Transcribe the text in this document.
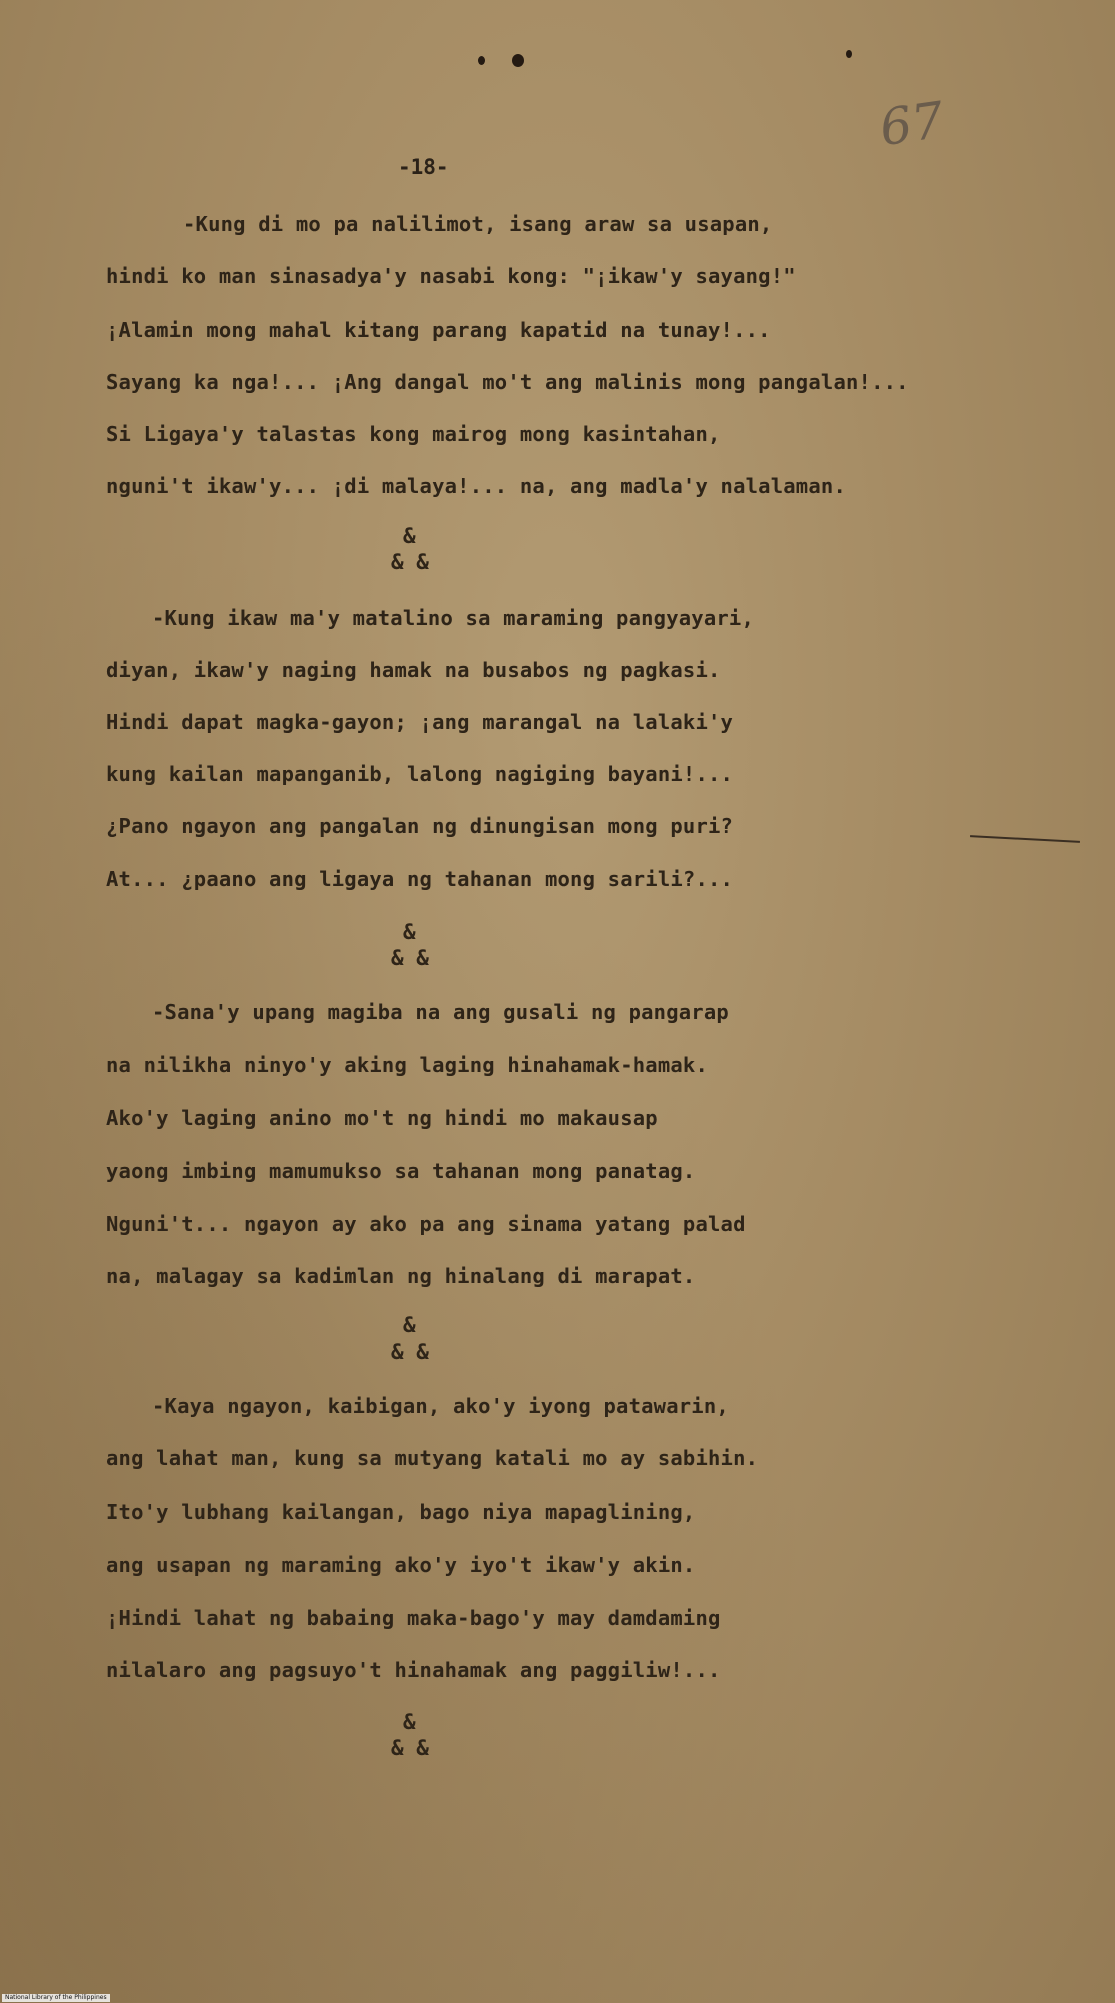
67
-18-
-Kung di mo pa nalilimot, isang araw sa usapan,
hindi ko man sinasadya'y nasabi kong: "¡ikaw'y sayang!"
¡Alamin mong mahal kitang parang kapatid na tunay!...
Sayang ka nga!... ¡Ang dangal mo't ang malinis mong pangalan!...
Si Ligaya'y talastas kong mairog mong kasintahan,
nguni't ikaw'y... ¡di malaya!... na, ang madla'y nalalaman.
&
& &
-Kung ikaw ma'y matalino sa maraming pangyayari,
diyan, ikaw'y naging hamak na busabos ng pagkasi.
Hindi dapat magka-gayon; ¡ang marangal na lalaki'y
kung kailan mapanganib, lalong nagiging bayani!...
¿Pano ngayon ang pangalan ng dinungisan mong puri?
At... ¿paano ang ligaya ng tahanan mong sarili?...
&
& &
-Sana'y upang magiba na ang gusali ng pangarap
na nilikha ninyo'y aking laging hinahamak-hamak.
Ako'y laging anino mo't ng hindi mo makausap
yaong imbing mamumukso sa tahanan mong panatag.
Nguni't... ngayon ay ako pa ang sinama yatang palad
na, malagay sa kadimlan ng hinalang di marapat.
&
& &
-Kaya ngayon, kaibigan, ako'y iyong patawarin,
ang lahat man, kung sa mutyang katali mo ay sabihin.
Ito'y lubhang kailangan, bago niya mapaglining,
ang usapan ng maraming ako'y iyo't ikaw'y akin.
¡Hindi lahat ng babaing maka-bago'y may damdaming
nilalaro ang pagsuyo't hinahamak ang paggiliw!...
&
& &
National Library of the Philippines
